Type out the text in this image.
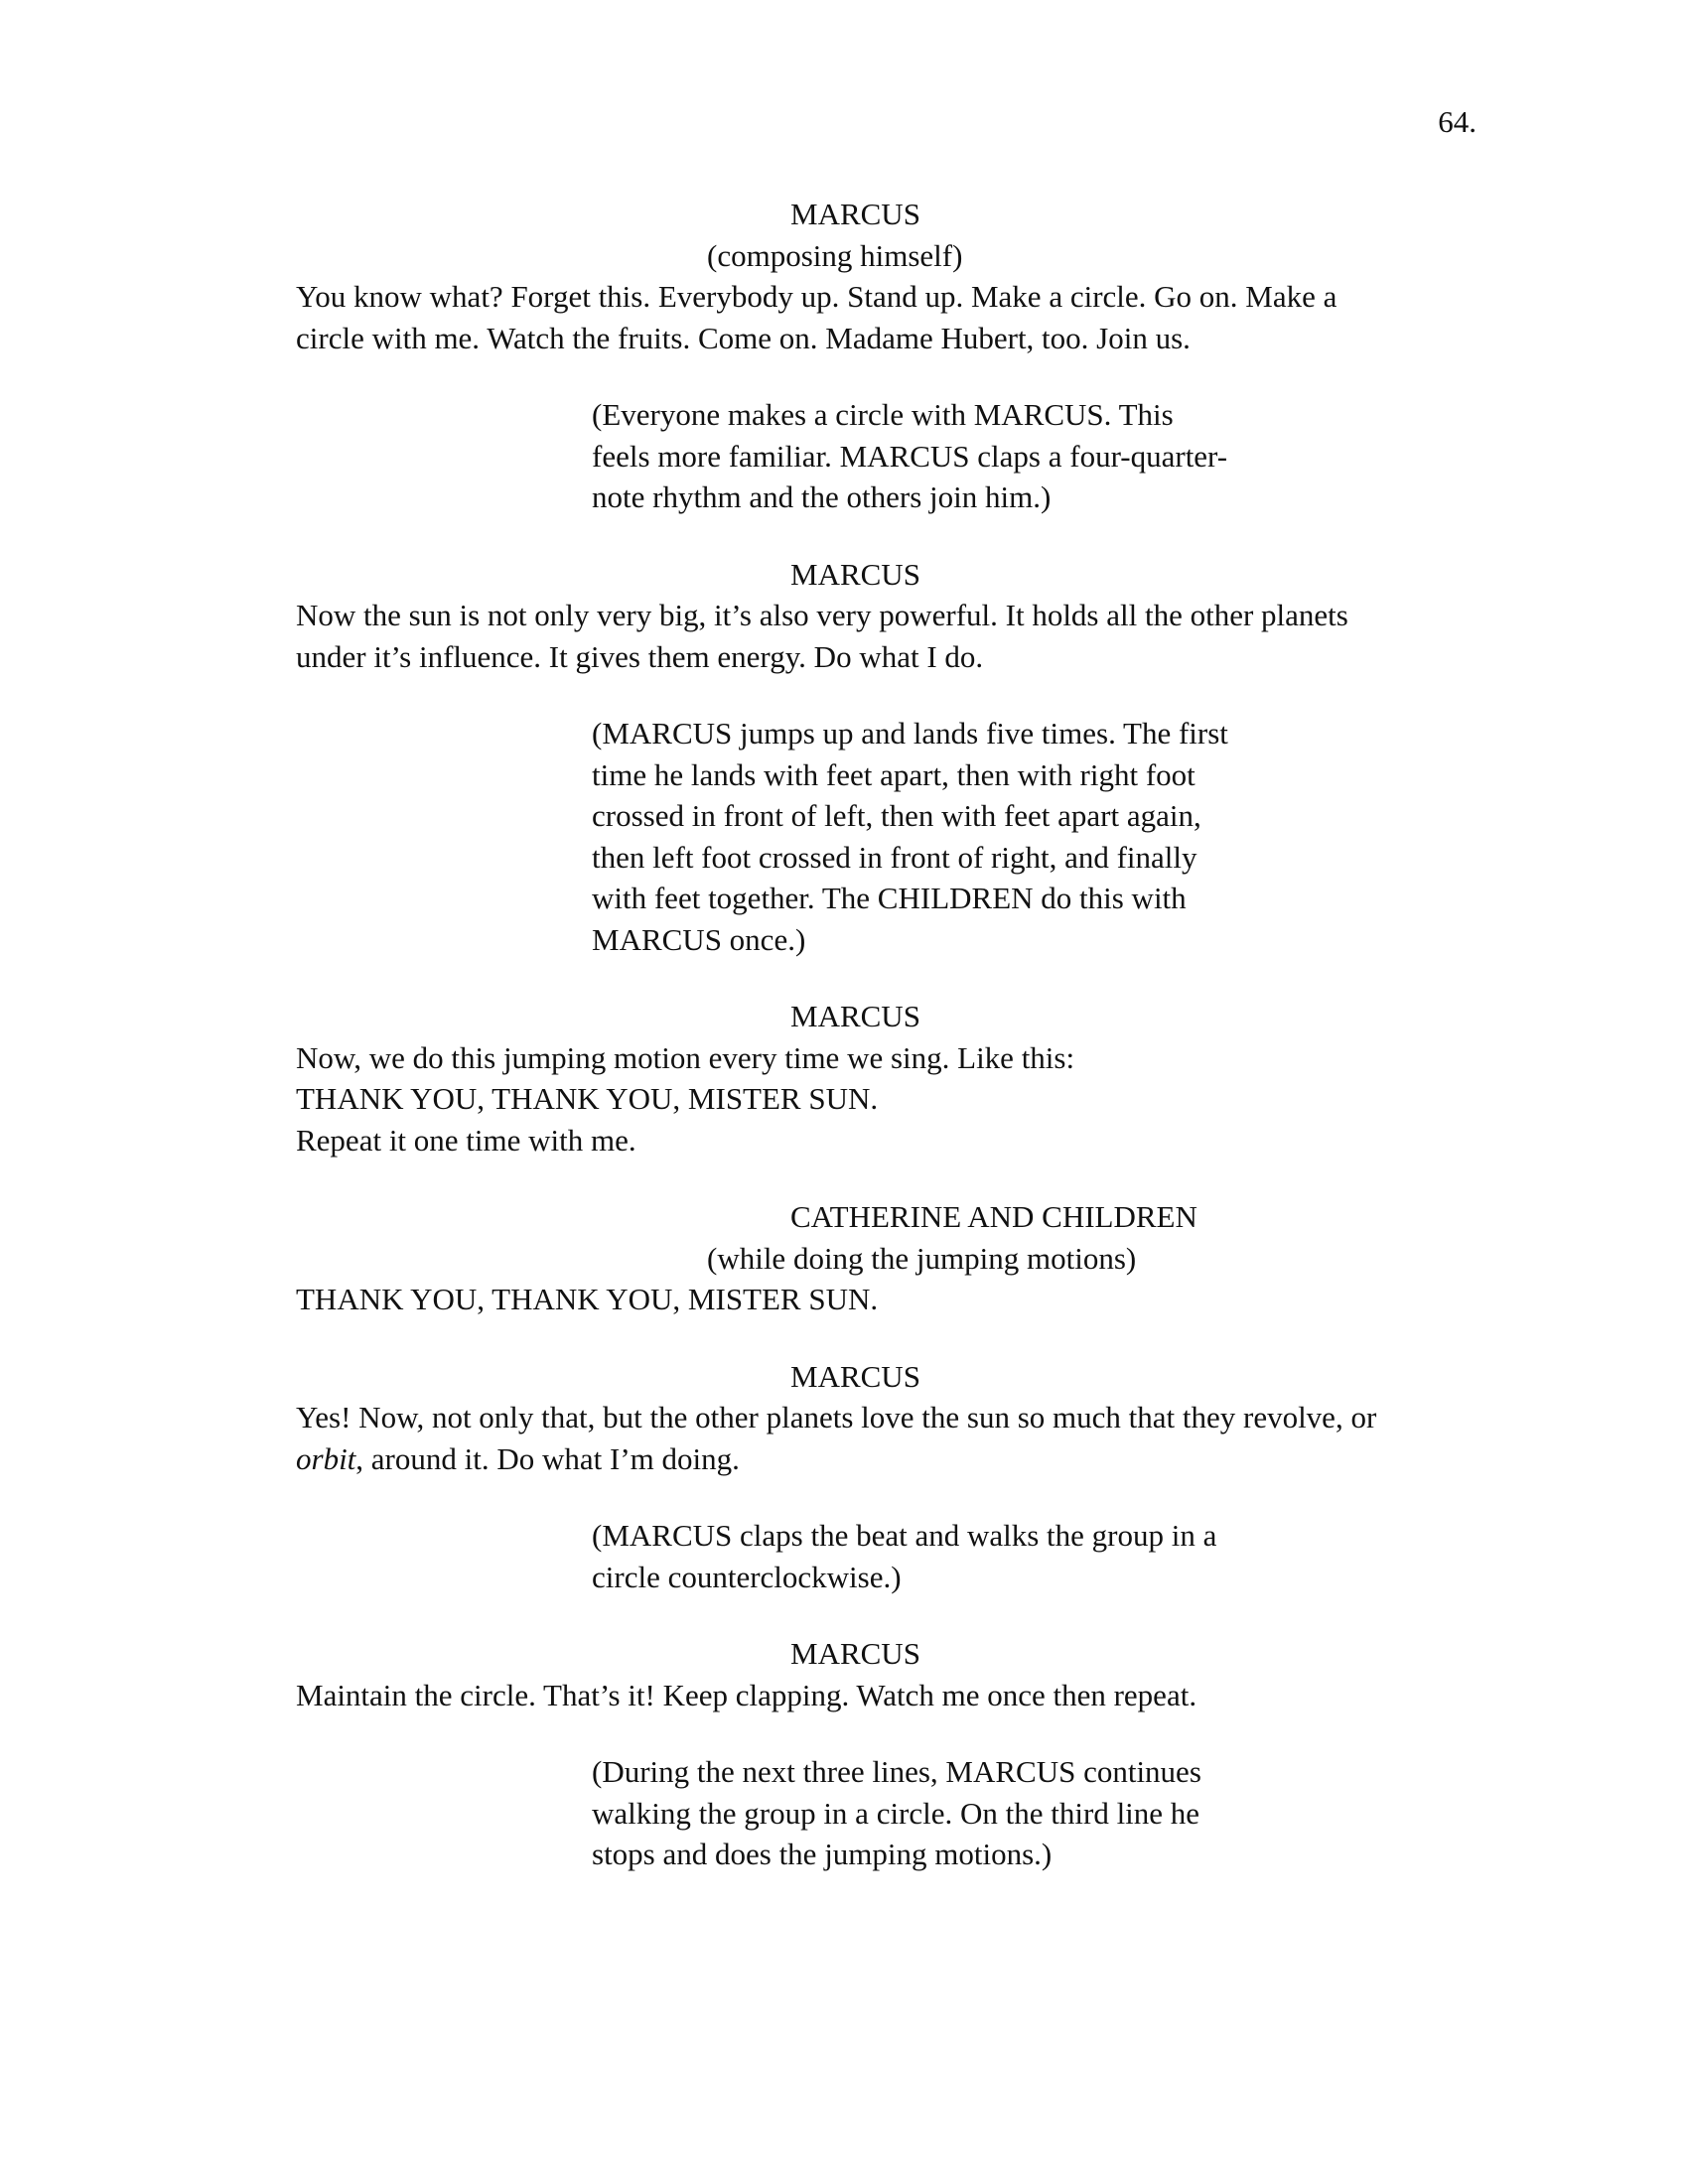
64.
MARCUS
(composing himself)
You know what? Forget this. Everybody up. Stand up. Make a circle. Go on. Make a
circle with me. Watch the fruits. Come on. Madame Hubert, too. Join us.
(Everyone makes a circle with MARCUS. This
feels more familiar. MARCUS claps a four-quarter-
note rhythm and the others join him.)
MARCUS
Now the sun is not only very big, it’s also very powerful. It holds all the other planets
under it’s influence. It gives them energy. Do what I do.
(MARCUS jumps up and lands five times. The first
time he lands with feet apart, then with right foot
crossed in front of left, then with feet apart again,
then left foot crossed in front of right, and finally
with feet together. The CHILDREN do this with
MARCUS once.)
MARCUS
Now, we do this jumping motion every time we sing. Like this:
THANK YOU, THANK YOU, MISTER SUN.
Repeat it one time with me.
CATHERINE AND CHILDREN
(while doing the jumping motions)
THANK YOU, THANK YOU, MISTER SUN.
MARCUS
Yes! Now, not only that, but the other planets love the sun so much that they revolve, or
orbit, around it. Do what I’m doing.
(MARCUS claps the beat and walks the group in a
circle counterclockwise.)
MARCUS
Maintain the circle. That’s it! Keep clapping. Watch me once then repeat.
(During the next three lines, MARCUS continues
walking the group in a circle. On the third line he
stops and does the jumping motions.)
